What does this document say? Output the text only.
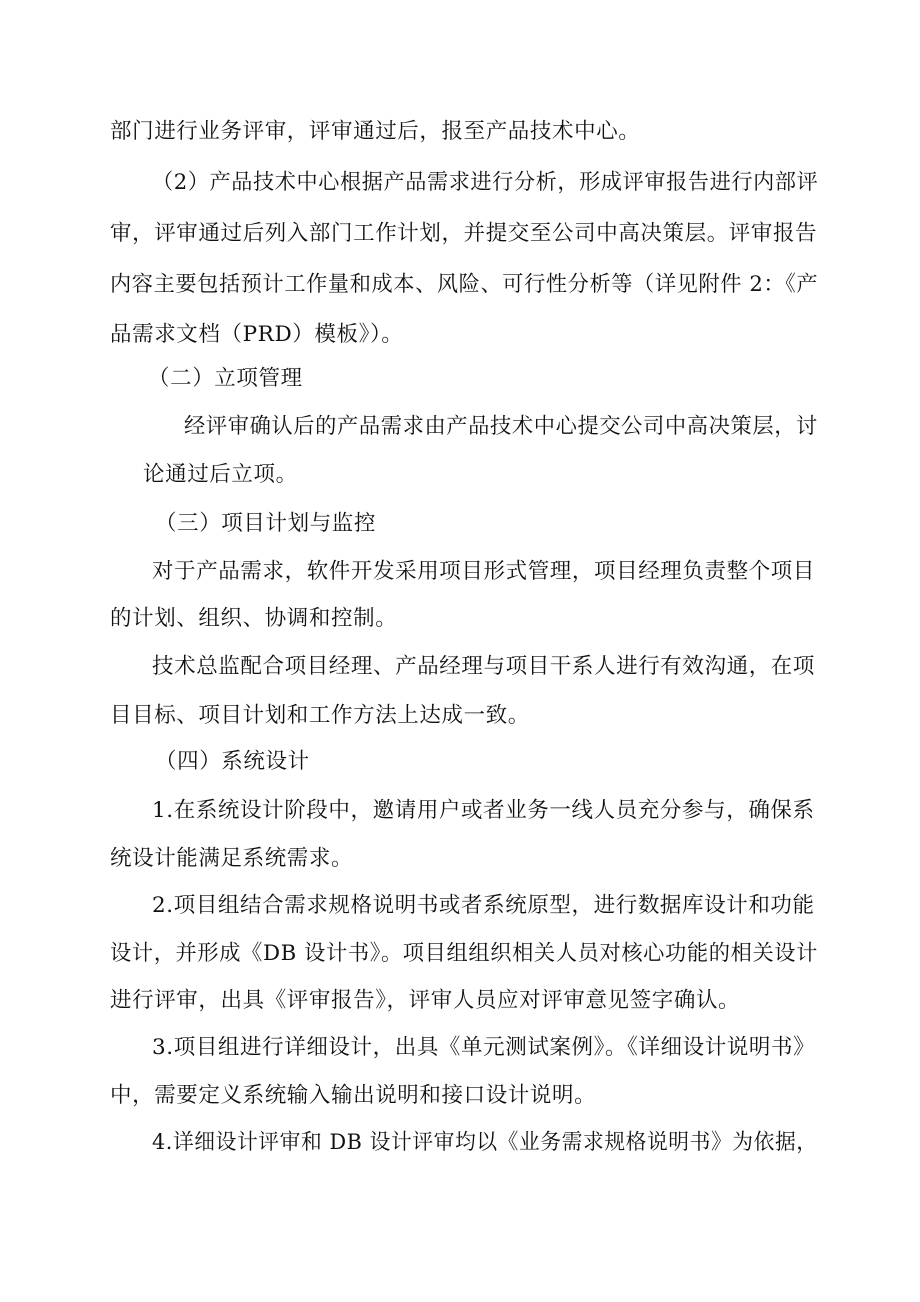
部门进行业务评审，评审通过后，报至产品技术中心。
（2）产品技术中心根据产品需求进行分析，形成评审报告进行内部评
审，评审通过后列入部门工作计划，并提交至公司中高决策层。评审报告
内容主要包括预计工作量和成本、风险、可行性分析等（详见附件 2：《产
品需求文档（PRD）模板》）。
（二）立项管理
经评审确认后的产品需求由产品技术中心提交公司中高决策层，讨
论通过后立项。
（三）项目计划与监控
对于产品需求，软件开发采用项目形式管理，项目经理负责整个项目
的计划、组织、协调和控制。
技术总监配合项目经理、产品经理与项目干系人进行有效沟通，在项
目目标、项目计划和工作方法上达成一致。
（四）系统设计
1.在系统设计阶段中，邀请用户或者业务一线人员充分参与，确保系
统设计能满足系统需求。
2.项目组结合需求规格说明书或者系统原型，进行数据库设计和功能
设计，并形成《DB 设计书》。项目组组织相关人员对核心功能的相关设计
进行评审，出具《评审报告》，评审人员应对评审意见签字确认。
3.项目组进行详细设计，出具《单元测试案例》。《详细设计说明书》
中，需要定义系统输入输出说明和接口设计说明。
4.详细设计评审和 DB 设计评审均以《业务需求规格说明书》为依据，
